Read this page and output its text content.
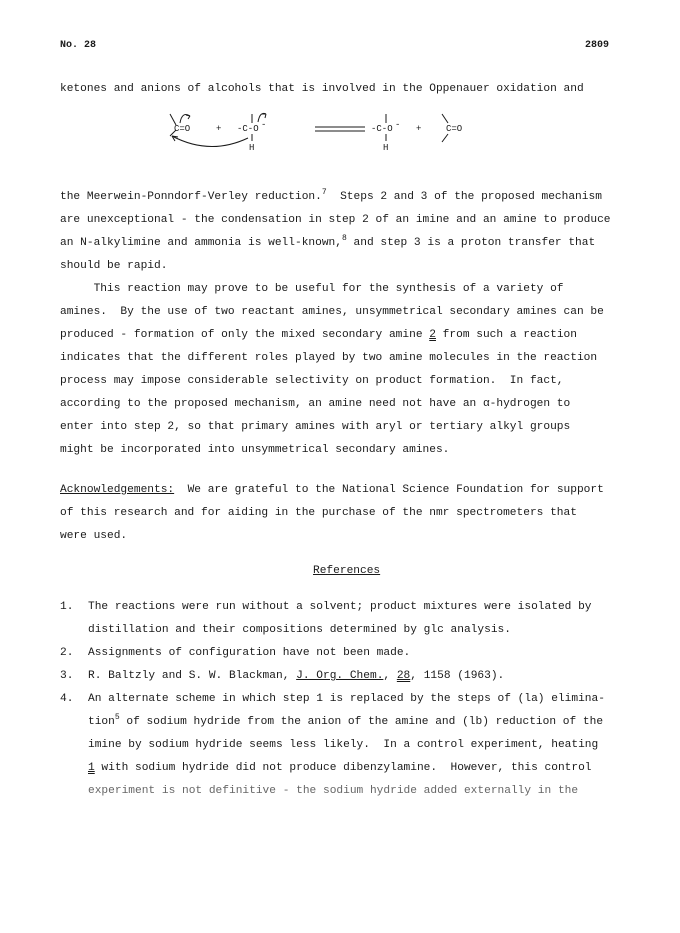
No. 28	2809
ketones and anions of alcohols that is involved in the Oppenauer oxidation and
C=O	+ -C-O -
H
-C-O -
H
+	C=O
the Meerwein-Ponndorf-Verley reduction.$^7$  Steps 2 and 3 of the proposed mechanism
are unexceptional - the condensation in step 2 of an imine and an amine to produce
an N-alkylimine and ammonia is well-known,$^8$ and step 3 is a proton transfer that
should be rapid.
This reaction may prove to be useful for the synthesis of a variety of
amines.  By the use of two reactant amines, unsymmetrical secondary amines can be
produced - formation of only the mixed secondary amine 2 from such a reaction
indicates that the different roles played by two amine molecules in the reaction
process may impose considerable selectivity on product formation.  In fact,
according to the proposed mechanism, an amine need not have an α-hydrogen to
enter into step 2, so that primary amines with aryl or tertiary alkyl groups
might be incorporated into unsymmetrical secondary amines.
Acknowledgements:  We are grateful to the National Science Foundation for support
of this research and for aiding in the purchase of the nmr spectrometers that
were used.
References
1. The reactions were run without a solvent; product mixtures were isolated by
distillation and their compositions determined by glc analysis.
2. Assignments of configuration have not been made.
3. R. Baltzly and S. W. Blackman, J. Org. Chem., 28, 1158 (1963).
4. An alternate scheme in which step 1 is replaced by the steps of (la) elimina-
tion$^5$ of sodium hydride from the anion of the amine and (lb) reduction of the
imine by sodium hydride seems less likely.  In a control experiment, heating
1 with sodium hydride did not produce dibenzylamine.  However, this control
experiment is not definitive - the sodium hydride added externally in the
